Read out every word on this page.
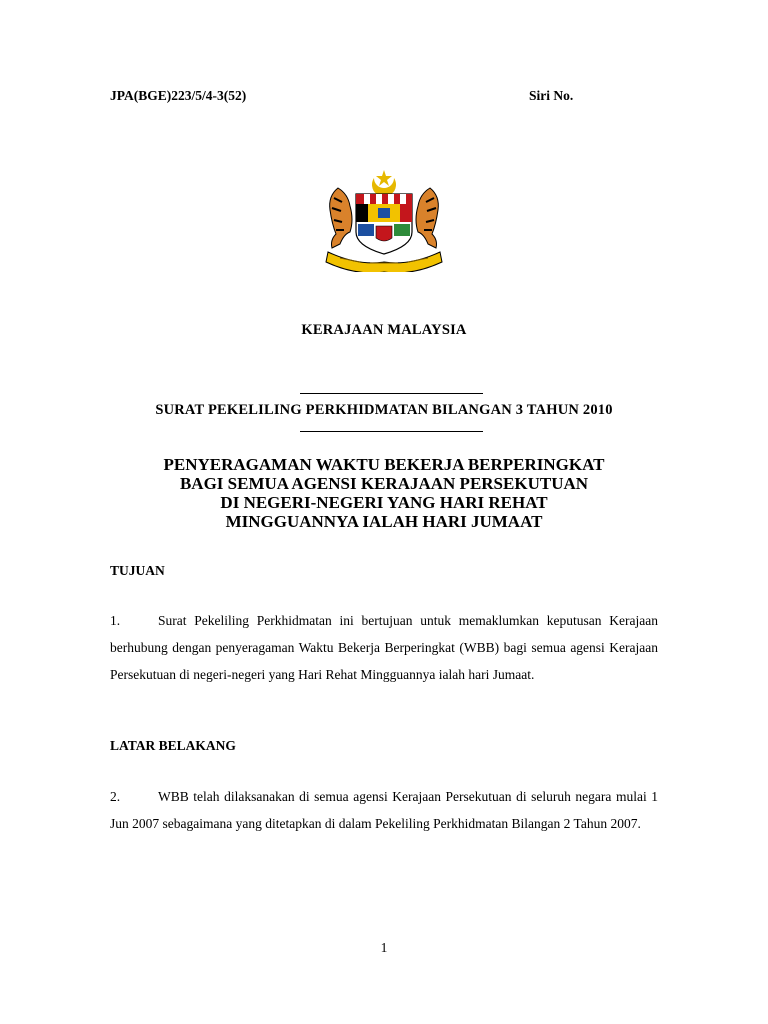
JPA(BGE)223/5/4-3(52)	Siri No.
KERAJAAN MALAYSIA
SURAT PEKELILING PERKHIDMATAN BILANGAN 3 TAHUN 2010
PENYERAGAMAN WAKTU BEKERJA BERPERINGKAT
BAGI SEMUA AGENSI KERAJAAN PERSEKUTUAN
DI NEGERI-NEGERI YANG HARI REHAT
MINGGUANNYA IALAH HARI JUMAAT
TUJUAN
1.	Surat Pekeliling Perkhidmatan ini bertujuan untuk memaklumkan keputusan Kerajaan berhubung dengan penyeragaman Waktu Bekerja Berperingkat (WBB) bagi semua agensi Kerajaan Persekutuan di negeri-negeri yang Hari Rehat Mingguannya ialah hari Jumaat.
LATAR BELAKANG
2.	WBB telah dilaksanakan di semua agensi Kerajaan Persekutuan di seluruh negara mulai 1 Jun 2007 sebagaimana yang ditetapkan di dalam Pekeliling Perkhidmatan Bilangan 2 Tahun 2007.
1
